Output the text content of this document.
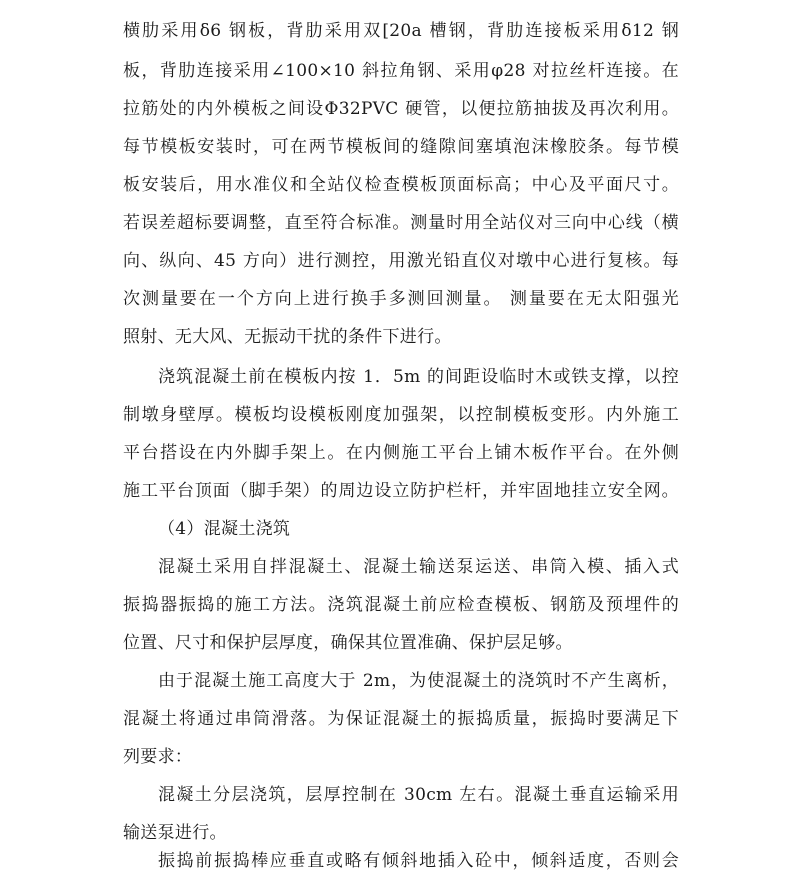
横肋采用δ6 钢板，背肋采用双[20a 槽钢，背肋连接板采用δ12 钢
板，背肋连接采用∠100×10 斜拉角钢、采用φ28 对拉丝杆连接。在
拉筋处的内外模板之间设Φ32PVC 硬管，以便拉筋抽拔及再次利用。
每节模板安装时，可在两节模板间的缝隙间塞填泡沫橡胶条。每节模
板安装后，用水准仪和全站仪检查模板顶面标高；中心及平面尺寸。
若误差超标要调整，直至符合标准。测量时用全站仪对三向中心线（横
向、纵向、45 方向）进行测控，用激光铅直仪对墩中心进行复核。每
次测量要在一个方向上进行换手多测回测量。 测量要在无太阳强光
照射、无大风、无振动干扰的条件下进行。
浇筑混凝土前在模板内按 1．5m 的间距设临时木或铁支撑，以控
制墩身壁厚。模板均设模板刚度加强架，以控制模板变形。内外施工
平台搭设在内外脚手架上。在内侧施工平台上铺木板作平台。在外侧
施工平台顶面（脚手架）的周边设立防护栏杆，并牢固地挂立安全网。
（4）混凝土浇筑
混凝土采用自拌混凝土、混凝土输送泵运送、串筒入模、插入式
振捣器振捣的施工方法。浇筑混凝土前应检查模板、钢筋及预埋件的
位置、尺寸和保护层厚度，确保其位置准确、保护层足够。
由于混凝土施工高度大于 2m，为使混凝土的浇筑时不产生离析，
混凝土将通过串筒滑落。为保证混凝土的振捣质量，振捣时要满足下
列要求：
混凝土分层浇筑，层厚控制在 30cm 左右。混凝土垂直运输采用
输送泵进行。
振捣前振捣棒应垂直或略有倾斜地插入砼中，倾斜适度，否则会
